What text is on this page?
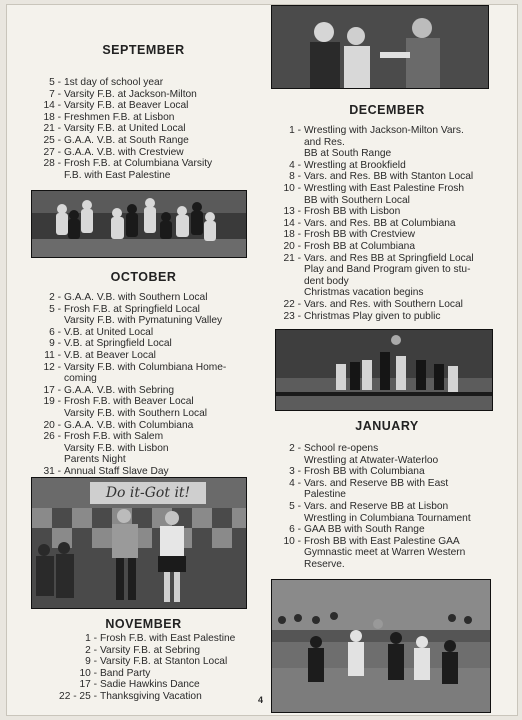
SEPTEMBER
5 - 1st day of school year
7 - Varsity F.B. at Jackson-Milton
14 - Varsity F.B. at Beaver Local
18 - Freshmen F.B. at Lisbon
21 - Varsity F.B. at United Local
25 - G.A.A. V.B. at South Range
27 - G.A.A. V.B. with Crestview
28 - Frosh F.B. at Columbiana Varsity
F.B. with East Palestine
OCTOBER
2 - G.A.A. V.B. with Southern Local
5 - Frosh F.B. at Springfield Local
Varsity F.B. with Pymatuning Valley
6 - V.B. at United Local
9 - V.B. at Springfield Local
11 - V.B. at Beaver Local
12 - Varsity F.B. with Columbiana Home-
coming
17 - G.A.A. V.B. with Sebring
19 - Frosh F.B. with Beaver Local
Varsity F.B. with Southern Local
20 - G.A.A. V.B. with Columbiana
26 - Frosh F.B. with Salem
Varsity F.B. with Lisbon
Parents Night
31 - Annual Staff Slave Day
Do it-Got it!
NOVEMBER
1 - Frosh F.B. with East Palestine
2 - Varsity F.B. at Sebring
9 - Varsity F.B. at Stanton Local
10 - Band Party
17 - Sadie Hawkins Dance
22 - 25 - Thanksgiving Vacation
DECEMBER
1 - Wrestling with Jackson-Milton Vars.
and Res.
BB at South Range
4 - Wrestling at Brookfield
8 - Vars. and Res. BB with Stanton Local
10 - Wrestling with East Palestine Frosh
BB with Southern Local
13 - Frosh BB with Lisbon
14 - Vars. and Res. BB at Columbiana
18 - Frosh BB with Crestview
20 - Frosh BB at Columbiana
21 - Vars. and Res BB at Springfield Local
Play and Band Program given to stu-
dent body
Christmas vacation begins
22 - Vars. and Res. with Southern Local
23 - Christmas Play given to public
JANUARY
2 - School re-opens
Wrestling at Atwater-Waterloo
3 - Frosh BB with Columbiana
4 - Vars. and Reserve BB with East
Palestine
5 - Vars. and Reserve BB at Lisbon
Wrestling in Columbiana Tournament
6 - GAA BB with South Range
10 - Frosh BB with East Palestine GAA
Gymnastic meet at Warren Western
Reserve.
4
